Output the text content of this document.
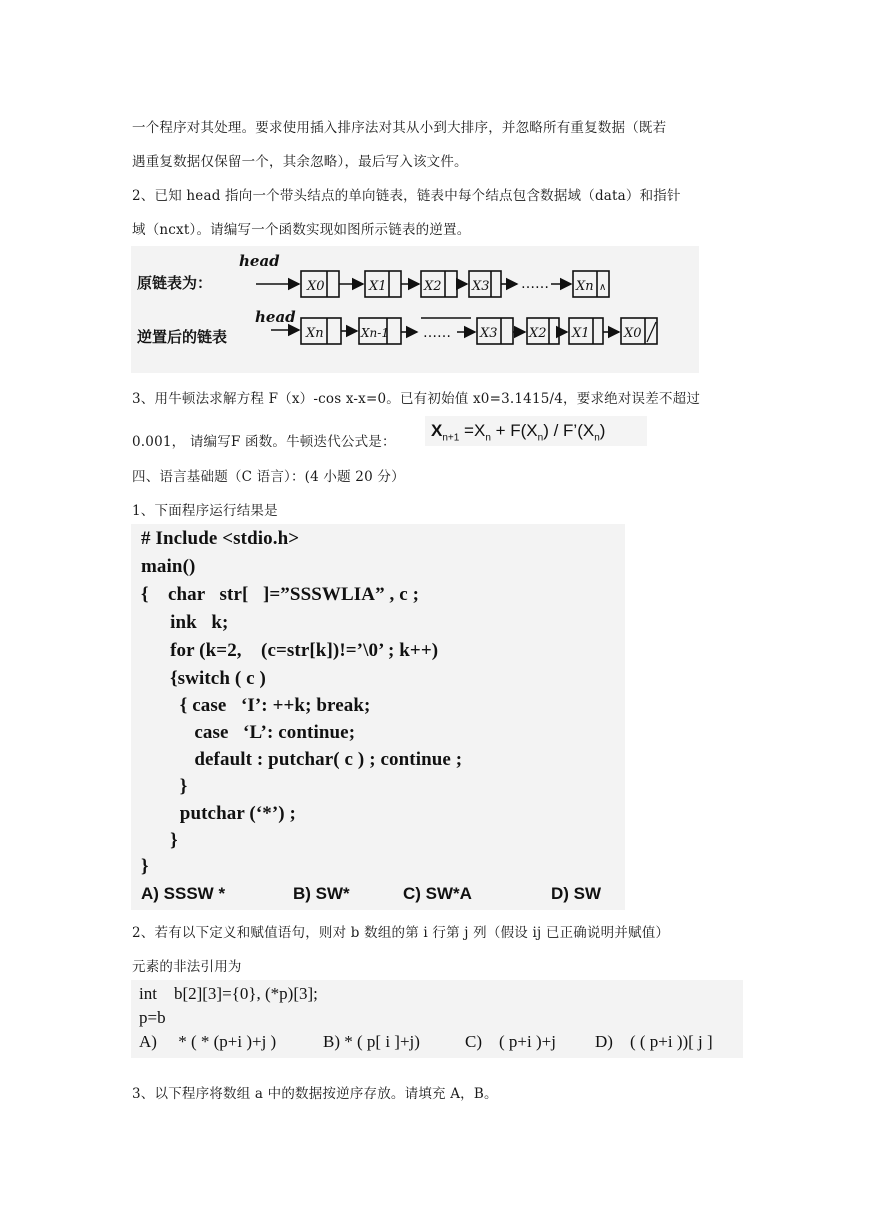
一个程序对其处理。要求使用插入排序法对其从小到大排序，并忽略所有重复数据（既若
遇重复数据仅保留一个，其余忽略），最后写入该文件。
2、已知 head 指向一个带头结点的单向链表，链表中每个结点包含数据域（data）和指针
域（ncxt）。请编写一个函数实现如图所示链表的逆置。
原链表为：
逆置后的链表
head
head
X0	X1	X2 X3 …… Xn ∧
Xn	Xn-1 …… X3 X2 X1	X0
3、用牛顿法求解方程 F（x）-cos x-x=0。已有初始值 x0=3.1415/4，要求绝对误差不超过
0.001， 请编写F 函数。牛顿迭代公式是：
$X_{n+1} =X_n + F(X_n)$ / $F’(X_n)$
四、语言基础题（C 语言）：(4 小题 20 分）
1、下面程序运行结果是
# Include <stdio.h>
main()
{    char   str[   ]=”SSSWLIA” , c ;
ink   k;
for (k=2,    (c=str[k])!=’\0’ ; k++)
{switch ( c )
{ case   ‘I’: ++k; break;
case   ‘L’: continue;
default : putchar( c ) ; continue ;
}
putchar (‘*’) ;
}
}
A) SSSW *	B) SW*	C) SW*A	D) SW
2、若有以下定义和赋值语句，则对 b 数组的第 i 行第 j 列（假设 ij 已正确说明并赋值）
元素的非法引用为
int    b[2][3]={0}, (*p)[3];
p=b
A)     * ( * (p+i )+j )	B) * ( p[ i ]+j)	C)    ( p+i )+j D)    ( ( p+i ))[ j ]
3、以下程序将数组 a 中的数据按逆序存放。请填充 A，B。
